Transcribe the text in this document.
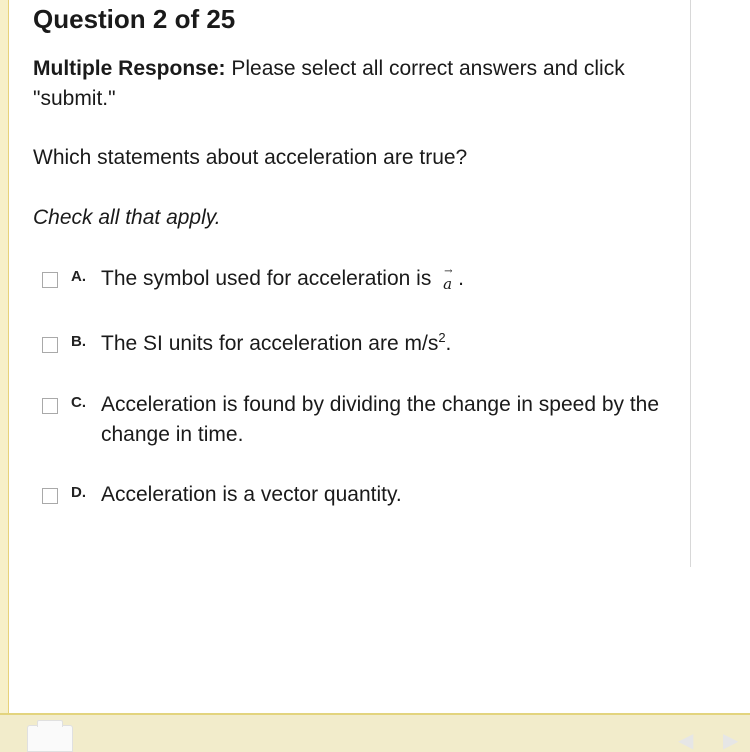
Question 2 of 25
Multiple Response: Please select all correct answers and click "submit."
Which statements about acceleration are true?
Check all that apply.
A. The symbol used for acceleration is →
a .
B. The SI units for acceleration are $m/s^2$.
C. Acceleration is found by dividing the change in speed by the change in time.
D. Acceleration is a vector quantity.
◀	▶
